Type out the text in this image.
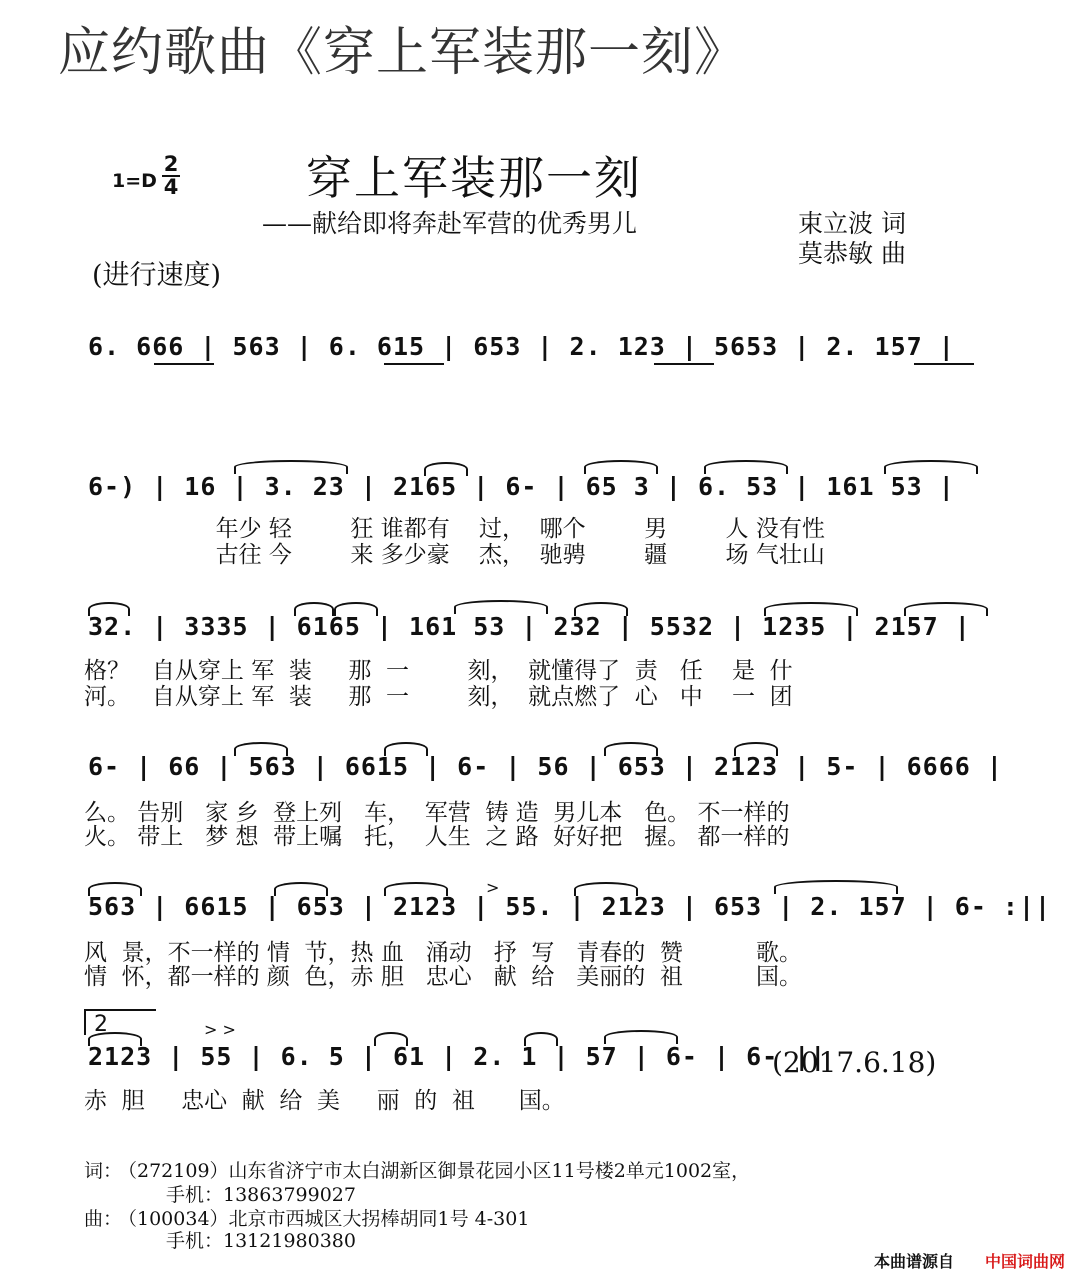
应约歌曲《穿上军装那一刻》
1=D
2
4	穿上军装那一刻
——献给即将奔赴军营的优秀男儿	束立波 词
莫恭敏 曲
(进行速度)
6. 666 | 563 | 6. 615 | 653 | 2. 123 | 5653 | 2. 157 |
6-) | 16 | 3. 23 | 2165 | 6- | 65 3 | 6. 53 | 161 53 |
年少 轻        狂 谁都有    过，  哪个        男        人 没有性
古往 今        来 多少豪    杰，  驰骋        疆        场 气壮山
32. | 3335 | 6165 | 161 53 | 232 | 5532 | 1235 | 2157 |
格？   自从穿上 军  装     那  一        刻，  就懂得了  责   任    是  什
河。   自从穿上 军  装     那  一        刻，  就点燃了  心   中    一  团
6- | 66 | 563 | 6615 | 6- | 56 | 653 | 2123 | 5- | 6666 |
么。 告别   家 乡  登上列   车，  军营  铸 造  男儿本   色。 不一样的
火。 带上   梦 想  带上嘱   托，  人生  之 路  好好把   握。 都一样的
>
563 | 6615 | 653 | 2123 | 55. | 2123 | 653 | 2. 157 | 6- :||
风  景，不一样的 情  节，热 血   涌动   抒  写   青春的  赞          歌。
情  怀，都一样的 颜  色，赤 胆   忠心   献  给   美丽的  祖          国。
2	> >
2123 | 55 | 6. 5 | 61 | 2. 1 | 57 | 6- | 6- ||
(2017.6.18)
赤  胆     忠心  献  给  美     丽  的  祖      国。
词：
（272109）山东省济宁市太白湖新区御景花园小区11号楼2单元1002室，
手机：13863799027
曲：
（100034）北京市西城区大拐棒胡同1号 4-301
手机：13121980380
本曲谱源自 中国词曲网
